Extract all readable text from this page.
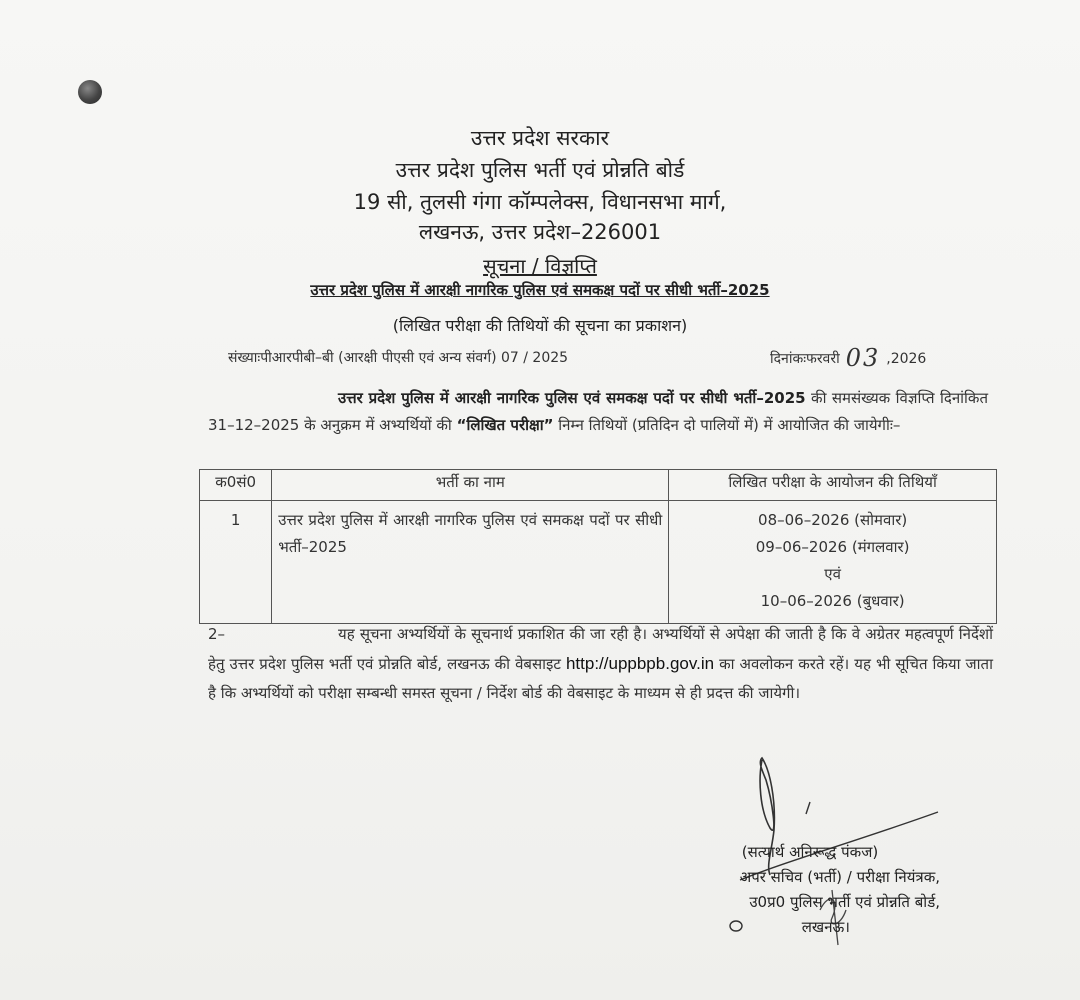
उत्तर प्रदेश सरकार
उत्तर प्रदेश पुलिस भर्ती एवं प्रोन्नति बोर्ड
19 सी, तुलसी गंगा कॉम्पलेक्स, विधानसभा मार्ग,
लखनऊ, उत्तर प्रदेश–226001
सूचना / विज्ञप्ति
उत्तर प्रदेश पुलिस में आरक्षी नागरिक पुलिस एवं समकक्ष पदों पर सीधी भर्ती–2025
(लिखित परीक्षा की तिथियों की सूचना का प्रकाशन)
संख्याःपीआरपीबी–बी (आरक्षी पीएसी एवं अन्य संवर्ग) 07 / 2025	दिनांकःफरवरी 03 ,2026
उत्तर प्रदेश पुलिस में आरक्षी नागरिक पुलिस एवं समकक्ष पदों पर सीधी भर्ती–2025 की समसंख्यक विज्ञप्ति दिनांकित 31–12–2025 के अनुक्रम में अभ्यर्थियों की “लिखित परीक्षा” निम्न तिथियों (प्रतिदिन दो पालियों में) में आयोजित की जायेगीः–
क0सं0	भर्ती का नाम	लिखित परीक्षा के आयोजन की तिथियाँ
1	उत्तर प्रदेश पुलिस में आरक्षी नागरिक पुलिस एवं समकक्ष पदों पर सीधी भर्ती–2025	08–06–2026 (सोमवार)
09–06–2026 (मंगलवार)
एवं
10–06–2026 (बुधवार)
2–	यह सूचना अभ्यर्थियों के सूचनार्थ प्रकाशित की जा रही है। अभ्यर्थियों से अपेक्षा की जाती है कि वे अग्रेतर महत्वपूर्ण निर्देशों हेतु उत्तर प्रदेश पुलिस भर्ती एवं प्रोन्नति बोर्ड, लखनऊ की वेबसाइट http://uppbpb.gov.in का अवलोकन करते रहें। यह भी सूचित किया जाता है कि अभ्यर्थियों को परीक्षा सम्बन्धी समस्त सूचना / निर्देश बोर्ड की वेबसाइट के माध्यम से ही प्रदत्त की जायेगी।
(सत्यार्थ अनिरूद्ध पंकज)
अपर सचिव (भर्ती) / परीक्षा नियंत्रक,
उ0प्र0 पुलिस भर्ती एवं प्रोन्नति बोर्ड,
लखनऊ।
